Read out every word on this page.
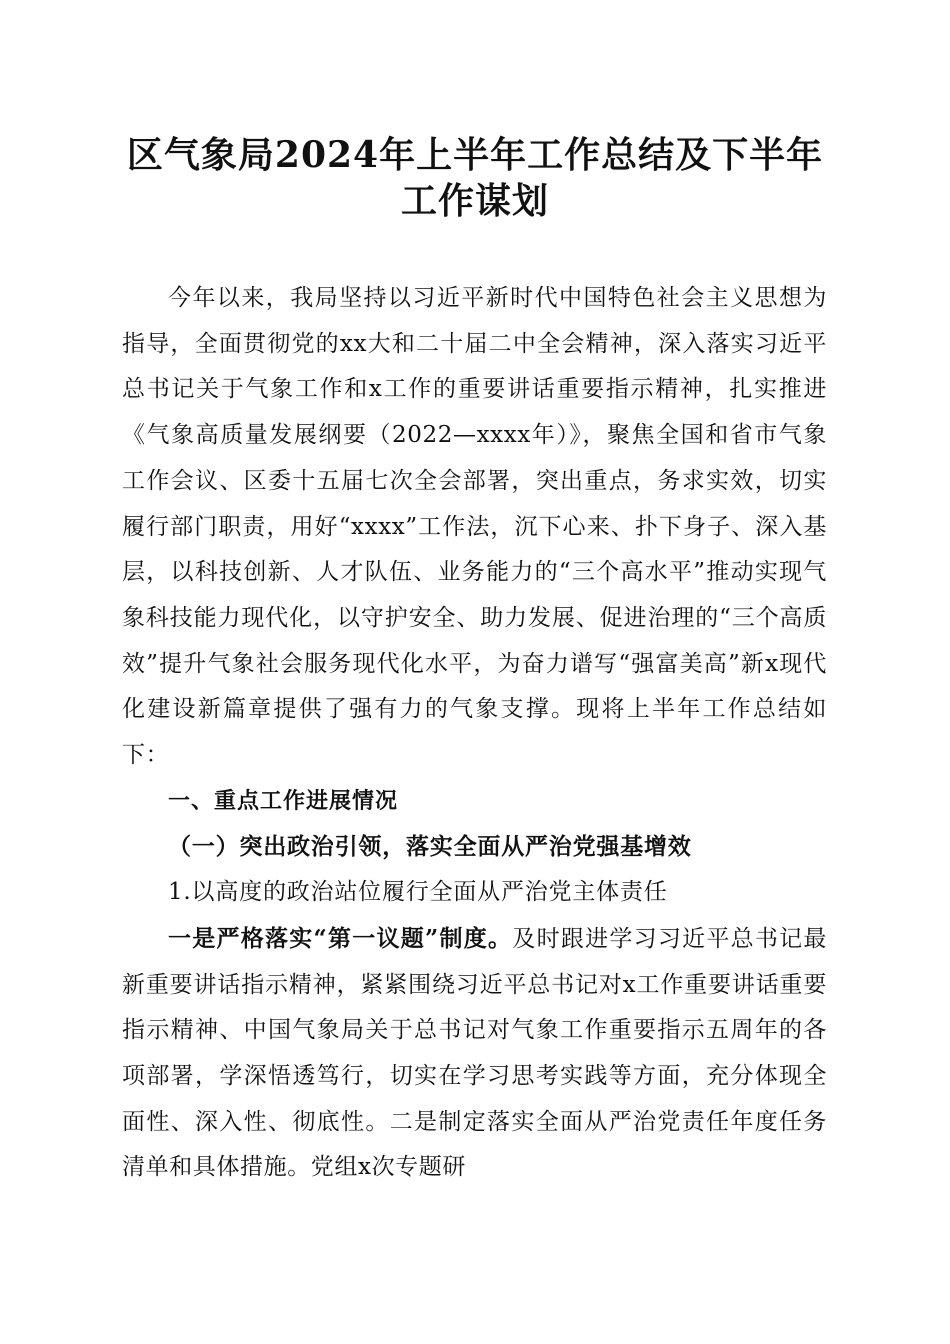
区气象局2024年上半年工作总结及下半年工作谋划

今年以来，我局坚持以习近平新时代中国特色社会主义思想为指导，全面贯彻党的xx大和二十届二中全会精神，深入落实习近平总书记关于气象工作和x工作的重要讲话重要指示精神，扎实推进《气象高质量发展纲要（2022—xxxx年）》，聚焦全国和省市气象工作会议、区委十五届七次全会部署，突出重点，务求实效，切实履行部门职责，用好“xxxx”工作法，沉下心来、扑下身子、深入基层，以科技创新、人才队伍、业务能力的“三个高水平”推动实现气象科技能力现代化，以守护安全、助力发展、促进治理的“三个高质效”提升气象社会服务现代化水平，为奋力谱写“强富美高”新x现代化建设新篇章提供了强有力的气象支撑。现将上半年工作总结如下：

一、重点工作进展情况

（一）突出政治引领，落实全面从严治党强基增效

1.以高度的政治站位履行全面从严治党主体责任

一是严格落实“第一议题”制度。及时跟进学习习近平总书记最新重要讲话指示精神，紧紧围绕习近平总书记对x工作重要讲话重要指示精神、中国气象局关于总书记对气象工作重要指示五周年的各项部署，学深悟透笃行，切实在学习思考实践等方面，充分体现全面性、深入性、彻底性。二是制定落实全面从严治党责任年度任务清单和具体措施。党组x次专题研
